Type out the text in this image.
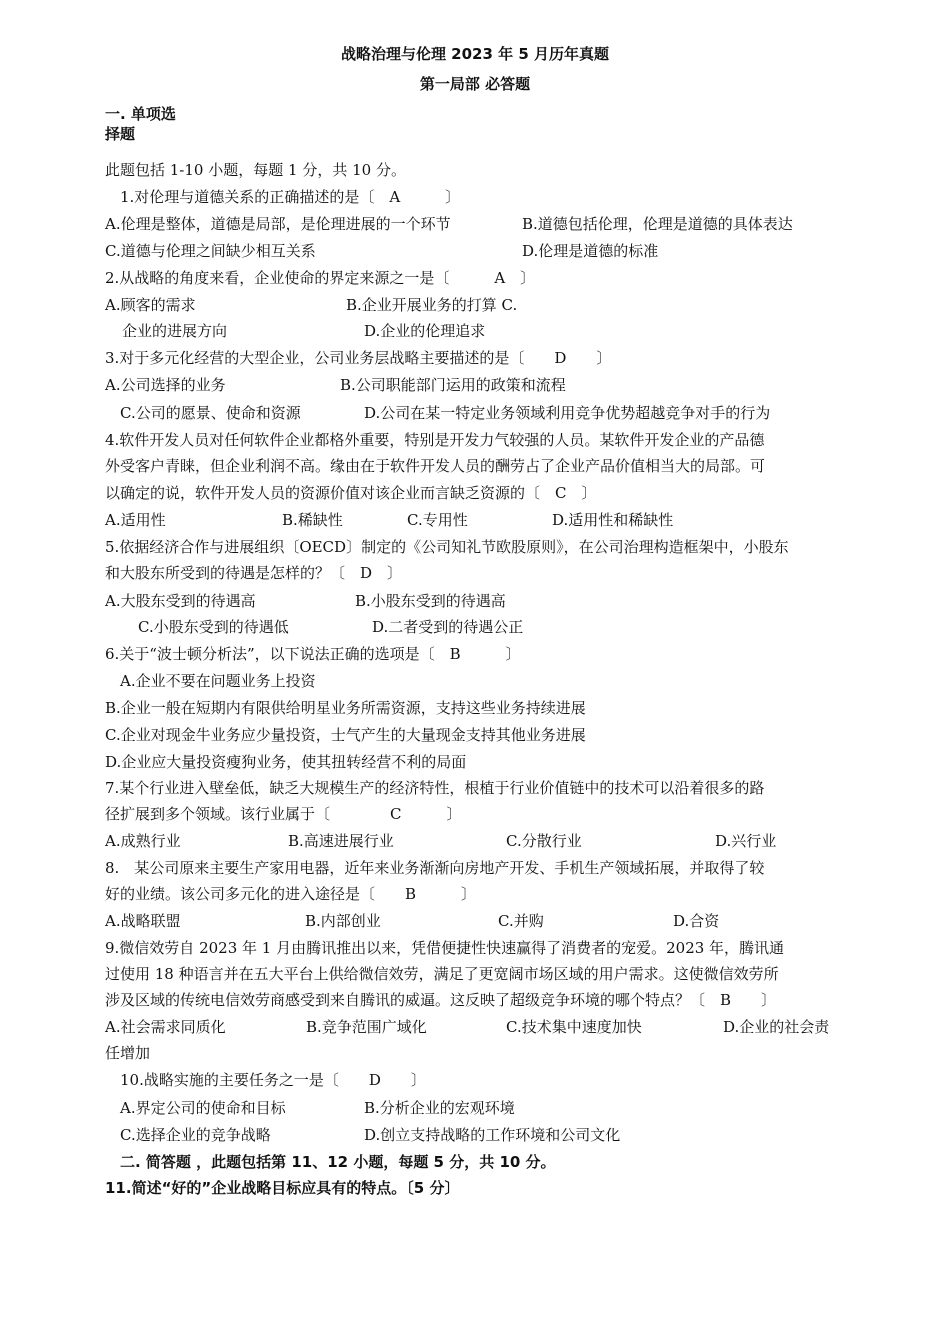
战略治理与伦理 2023 年 5 月历年真题
第一局部 必答题
一. 单项选
择题
此题包括 1-10 小题，每题 1 分，共 10 分。
1.对伦理与道德关系的正确描述的是〔　A　　　〕
A.伦理是整体，道德是局部，是伦理进展的一个环节	B.道德包括伦理，伦理是道德的具体表达
C.道德与伦理之间缺少相互关系	D.伦理是道德的标准
2.从战略的角度来看，企业使命的界定来源之一是〔　　　A　〕
A.顾客的需求	B.企业开展业务的打算 C.
企业的进展方向	D.企业的伦理追求
3.对于多元化经营的大型企业，公司业务层战略主要描述的是〔　　D　　〕
A.公司选择的业务	B.公司职能部门运用的政策和流程
C.公司的愿景、使命和资源	D.公司在某一特定业务领域利用竞争优势超越竞争对手的行为
4.软件开发人员对任何软件企业都格外重要，特别是开发力气较强的人员。某软件开发企业的产品德
外受客户青睐，但企业利润不高。缘由在于软件开发人员的酬劳占了企业产品价值相当大的局部。可
以确定的说，软件开发人员的资源价值对该企业而言缺乏资源的〔　C　〕
A.适用性	B.稀缺性	C.专用性	D.适用性和稀缺性
5.依据经济合作与进展组织〔OECD〕制定的《公司知礼节欧股原则》，在公司治理构造框架中，小股东
和大股东所受到的待遇是怎样的？〔　D　〕
A.大股东受到的待遇高	B.小股东受到的待遇高
C.小股东受到的待遇低	D.二者受到的待遇公正
6.关于“波士顿分析法”，以下说法正确的选项是〔　B　　　〕
A.企业不要在问题业务上投资
B.企业一般在短期内有限供给明星业务所需资源，支持这些业务持续进展
C.企业对现金牛业务应少量投资，士气产生的大量现金支持其他业务进展
D.企业应大量投资瘦狗业务，使其扭转经营不利的局面
7.某个行业进入壁垒低，缺乏大规模生产的经济特性，根植于行业价值链中的技术可以沿着很多的路
径扩展到多个领域。该行业属于〔　　　　C　　　〕
A.成熟行业	B.高速进展行业	C.分散行业	D.兴行业
8.　某公司原来主要生产家用电器，近年来业务渐渐向房地产开发、手机生产领域拓展，并取得了较
好的业绩。该公司多元化的进入途径是〔　　B　　　〕
A.战略联盟	B.内部创业	C.并购	D.合资
9.微信效劳自 2023 年 1 月由腾讯推出以来，凭借便捷性快速赢得了消费者的宠爱。2023 年，腾讯通
过使用 18 种语言并在五大平台上供给微信效劳，满足了更宽阔市场区域的用户需求。这使微信效劳所
涉及区域的传统电信效劳商感受到来自腾讯的威逼。这反映了超级竞争环境的哪个特点？〔　B　　〕
A.社会需求同质化	B.竞争范围广域化	C.技术集中速度加快	D.企业的社会责
任增加
10.战略实施的主要任务之一是〔　　D　　〕
A.界定公司的使命和目标	B.分析企业的宏观环境
C.选择企业的竞争战略	D.创立支持战略的工作环境和公司文化
二. 简答题 ，此题包括第 11、12 小题，每题 5 分，共 10 分。
11.简述“好的”企业战略目标应具有的特点。〔5 分〕
